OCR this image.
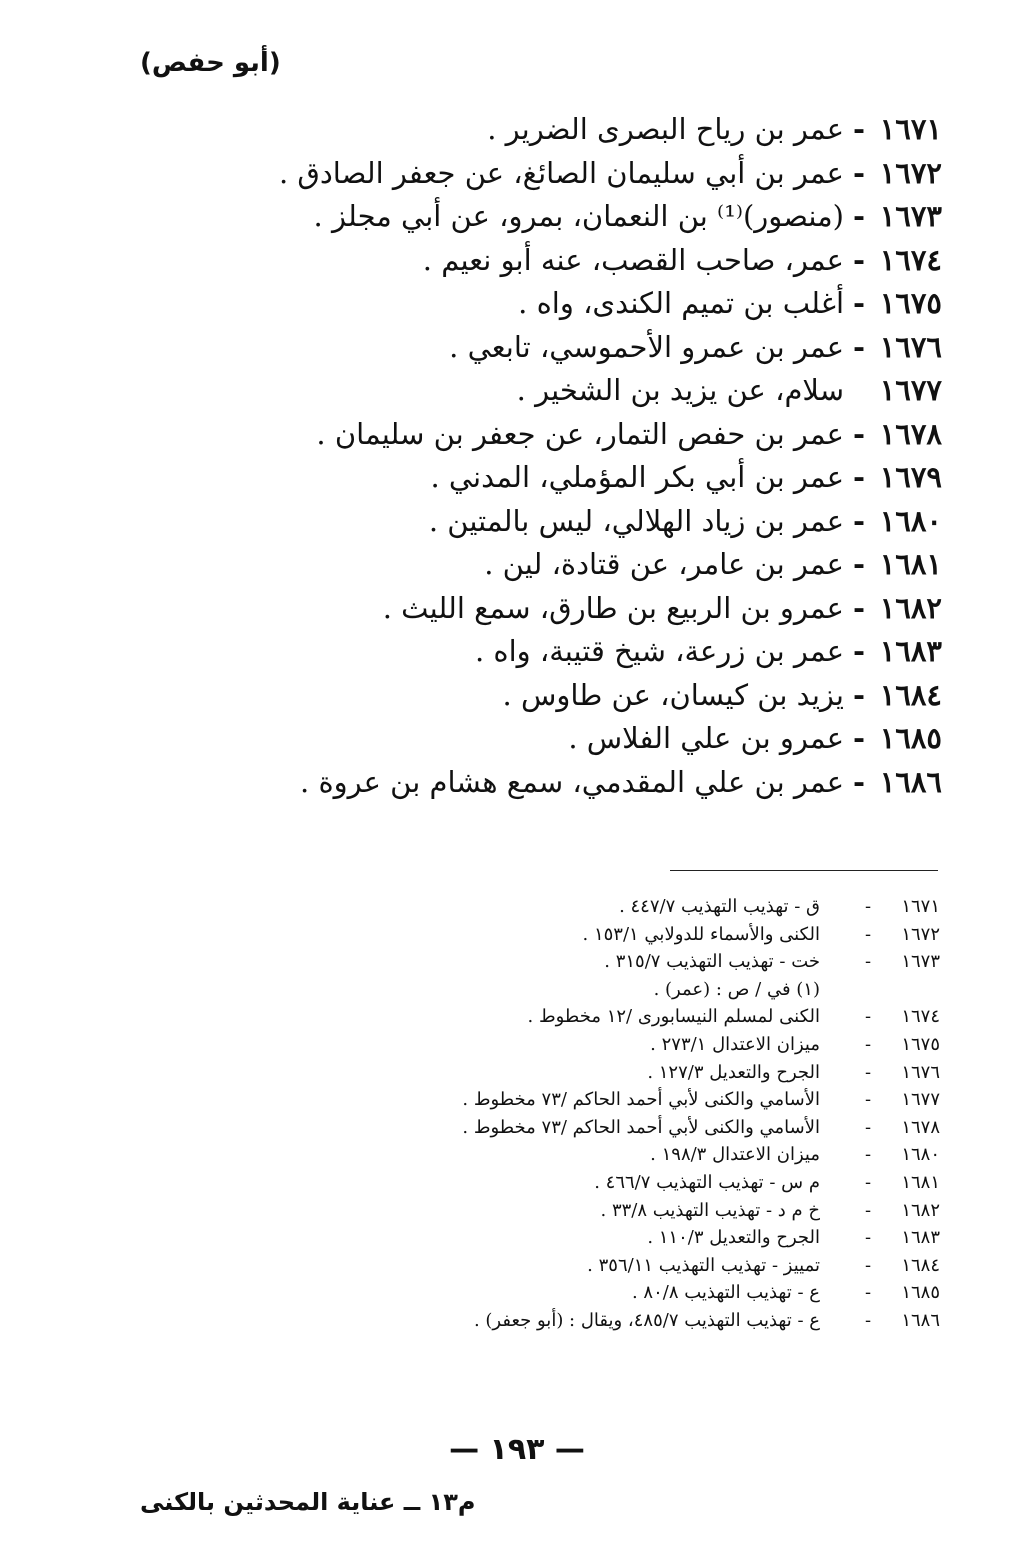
(أبو حفص)
١٦٧١-عمر بن رياح البصرى الضرير .
١٦٧٢-عمر بن أبي سليمان الصائغ، عن جعفر الصادق .
١٦٧٣-(منصور)⁽¹⁾ بن النعمان، بمرو، عن أبي مجلز .
١٦٧٤-عمر، صاحب القصب، عنه أبو نعيم .
١٦٧٥-أغلب بن تميم الكندى، واه .
١٦٧٦-عمر بن عمرو الأحموسي، تابعي .
١٦٧٧سلام، عن يزيد بن الشخير .
١٦٧٨-عمر بن حفص التمار، عن جعفر بن سليمان .
١٦٧٩-عمر بن أبي بكر المؤملي، المدني .
١٦٨٠-عمر بن زياد الهلالي، ليس بالمتين .
١٦٨١-عمر بن عامر، عن قتادة، لين .
١٦٨٢-عمرو بن الربيع بن طارق، سمع الليث .
١٦٨٣-عمر بن زرعة، شيخ قتيبة، واه .
١٦٨٤-يزيد بن كيسان، عن طاوس .
١٦٨٥-عمرو بن علي الفلاس .
١٦٨٦-عمر بن علي المقدمي، سمع هشام بن عروة .
١٦٧١-ق - تهذيب التهذيب ٤٤٧/٧ .
١٦٧٢-الكنى والأسماء للدولابي ١٥٣/١ .
١٦٧٣-خت - تهذيب التهذيب ٣١٥/٧ .
(١) في / ص : (عمر) .
١٦٧٤-الكنى لمسلم النيسابورى /١٢ مخطوط .
١٦٧٥-ميزان الاعتدال ٢٧٣/١ .
١٦٧٦-الجرح والتعديل ١٢٧/٣ .
١٦٧٧-الأسامي والكنى لأبي أحمد الحاكم /٧٣ مخطوط .
١٦٧٨-الأسامي والكنى لأبي أحمد الحاكم /٧٣ مخطوط .
١٦٨٠-ميزان الاعتدال ١٩٨/٣ .
١٦٨١-م س - تهذيب التهذيب ٤٦٦/٧ .
١٦٨٢-خ م د - تهذيب التهذيب ٣٣/٨ .
١٦٨٣-الجرح والتعديل ١١٠/٣ .
١٦٨٤-تمييز - تهذيب التهذيب ٣٥٦/١١ .
١٦٨٥-ع - تهذيب التهذيب ٨٠/٨ .
١٦٨٦-ع - تهذيب التهذيب ٤٨٥/٧، ويقال : (أبو جعفر) .
— ١٩٣ —
م١٣ ــ عناية المحدثين بالكنى
